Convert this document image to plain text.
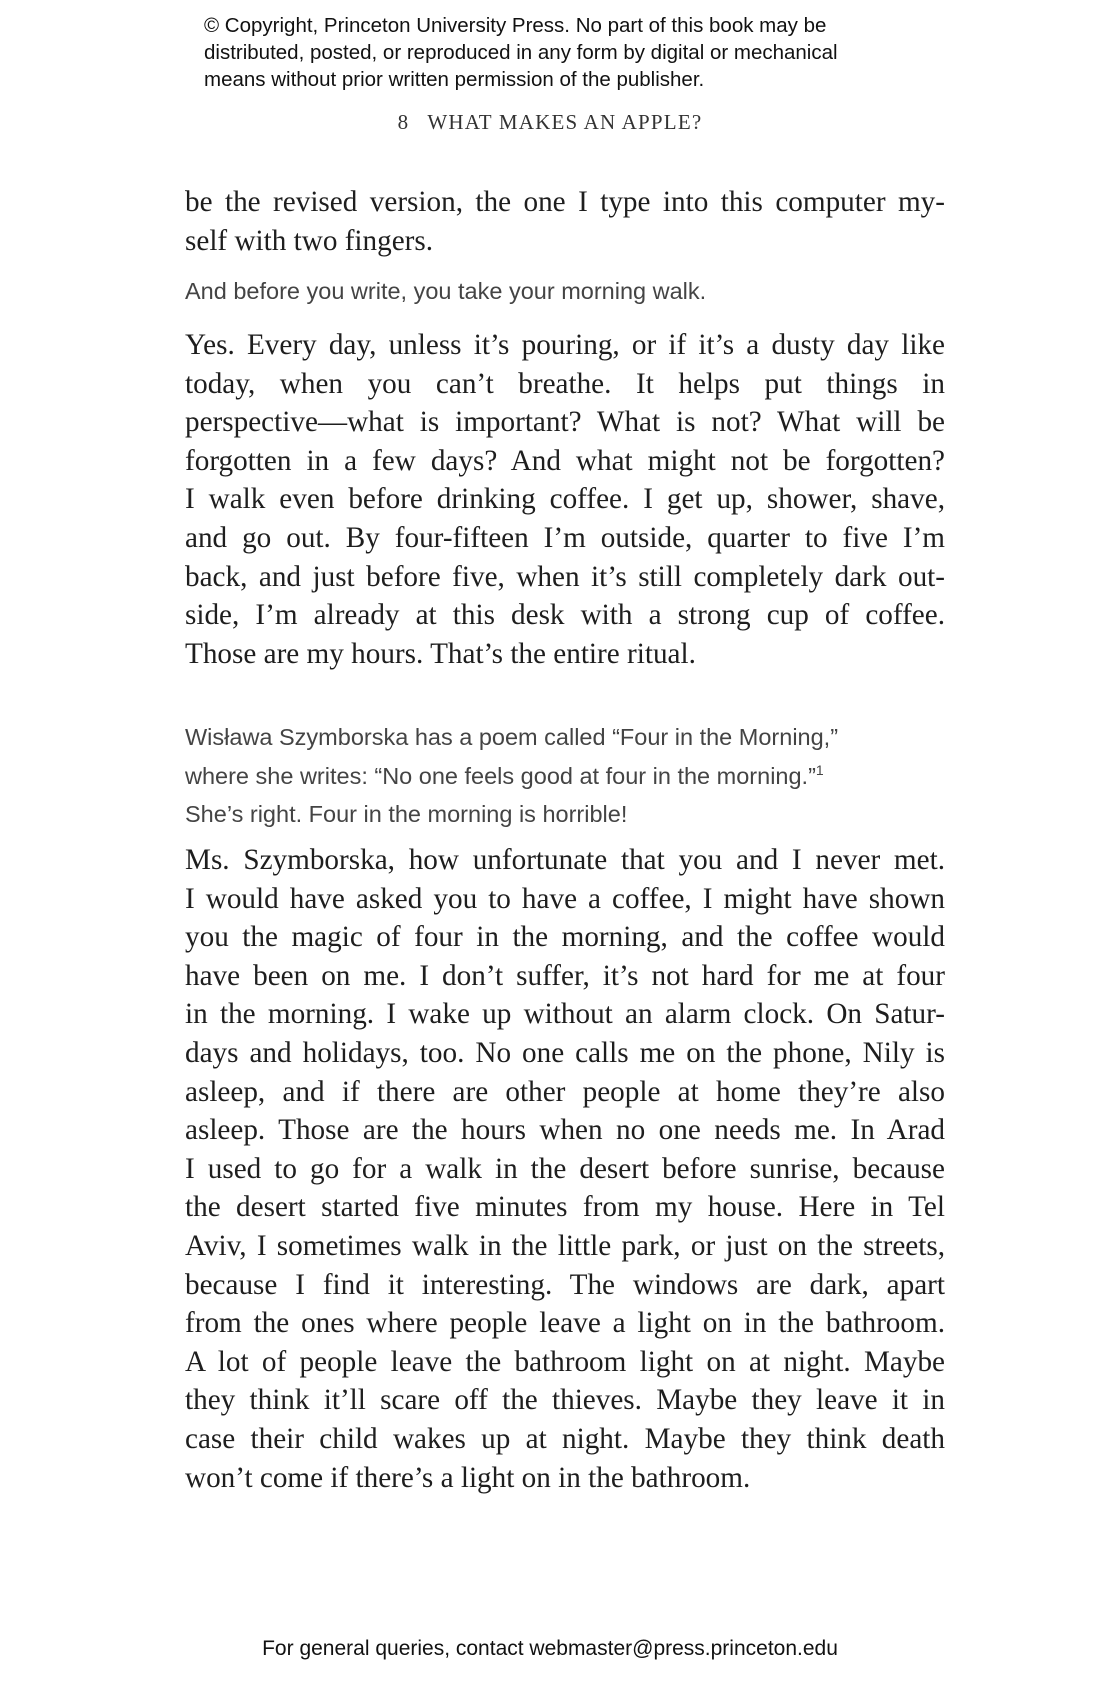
© Copyright, Princeton University Press. No part of this book may be
distributed, posted, or reproduced in any form by digital or mechanical
means without prior written permission of the publisher.
8 WHAT MAKES AN APPLE?
be the revised version, the one I type into this computer my-
self with two fingers.
And before you write, you take your morning walk.
Yes. Every day, unless it’s pouring, or if it’s a dusty day like
today, when you can’t breathe. It helps put things in
perspective—what is important? What is not? What will be
forgotten in a few days? And what might not be forgotten?
I walk even before drinking coffee. I get up, shower, shave,
and go out. By four-fifteen I’m outside, quarter to five I’m
back, and just before five, when it’s still completely dark out-
side, I’m already at this desk with a strong cup of coffee.
Those are my hours. That’s the entire ritual.
Wisława Szymborska has a poem called “Four in the Morning,”
where she writes: “No one feels good at four in the morning.”$^1$
She’s right. Four in the morning is horrible!
Ms. Szymborska, how unfortunate that you and I never met.
I would have asked you to have a coffee, I might have shown
you the magic of four in the morning, and the coffee would
have been on me. I don’t suffer, it’s not hard for me at four
in the morning. I wake up without an alarm clock. On Satur-
days and holidays, too. No one calls me on the phone, Nily is
asleep, and if there are other people at home they’re also
asleep. Those are the hours when no one needs me. In Arad
I used to go for a walk in the desert before sunrise, because
the desert started five minutes from my house. Here in Tel
Aviv, I sometimes walk in the little park, or just on the streets,
because I find it interesting. The windows are dark, apart
from the ones where people leave a light on in the bathroom.
A lot of people leave the bathroom light on at night. Maybe
they think it’ll scare off the thieves. Maybe they leave it in
case their child wakes up at night. Maybe they think death
won’t come if there’s a light on in the bathroom.
For general queries, contact webmaster@press.princeton.edu
